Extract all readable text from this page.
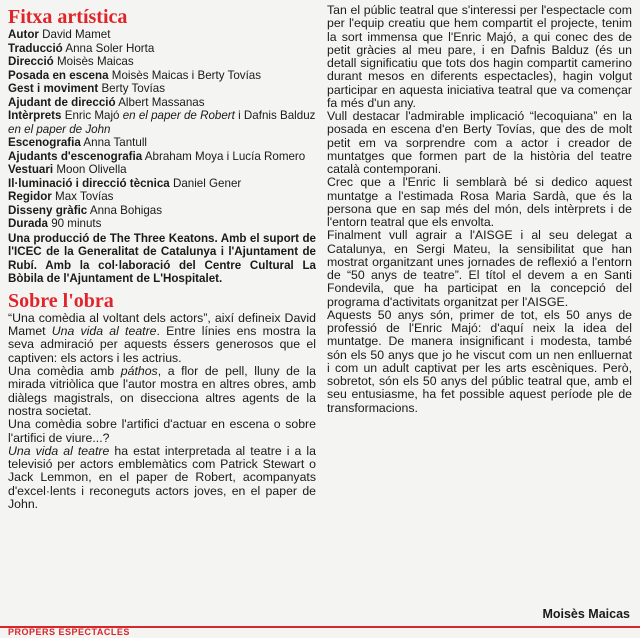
Fitxa artística
Autor David Mamet
Traducció Anna Soler Horta
Direcció Moisès Maicas
Posada en escena Moisès Maicas i Berty Tovías
Gest i moviment Berty Tovías
Ajudant de direcció Albert Massanas
Intèrprets Enric Majó en el paper de Robert i Dafnis Balduz en el paper de John
Escenografia Anna Tantull
Ajudants d'escenografia Abraham Moya i Lucía Romero
Vestuari Moon Olivella
Il·luminació i direcció tècnica Daniel Gener
Regidor Max Tovías
Disseny gràfic Anna Bohigas
Durada 90 minuts
Una producció de The Three Keatons. Amb el suport de l'ICEC de la Generalitat de Catalunya i l'Ajuntament de Rubí. Amb la col·laboració del Centre Cultural La Bòbila de l'Ajuntament de L'Hospitalet.
Sobre l'obra

“Una comèdia al voltant dels actors”, així defineix David Mamet Una vida al teatre. Entre línies ens mostra la seva admiració per aquests éssers generosos que el captiven: els actors i les actrius.

Una comèdia amb páthos, a flor de pell, lluny de la mirada vitriòlica que l'autor mostra en altres obres, amb diàlegs magistrals, on disecciona altres agents de la nostra societat.

Una comèdia sobre l'artifici d'actuar en escena o sobre l'artifici de viure...?

Una vida al teatre ha estat interpretada al teatre i a la televisió per actors emblemàtics com Patrick Stewart o Jack Lemmon, en el paper de Robert, acompanyats d'excel·lents i reconeguts actors joves, en el paper de John.

Tan el públic teatral que s'interessi per l'espectacle com per l'equip creatiu que hem compartit el projecte, tenim la sort immensa que l'Enric Majó, a qui conec des de petit gràcies al meu pare, i en Dafnis Balduz (és un detall significatiu que tots dos hagin compartit camerino durant mesos en diferents espectacles), hagin volgut participar en aquesta iniciativa teatral que va començar fa més d'un any.

Vull destacar l'admirable implicació “lecoquiana” en la posada en escena d'en Berty Tovías, que des de molt petit em va sorprendre com a actor i creador de muntatges que formen part de la història del teatre català contemporani.

Crec que a l'Enric li semblarà bé si dedico aquest muntatge a l'estimada Rosa Maria Sardà, que és la persona que en sap més del món, dels intèrprets i de l'entorn teatral que els envolta.

Finalment vull agrair a l'AISGE i al seu delegat a Catalunya, en Sergi Mateu, la sensibilitat que han mostrat organitzant unes jornades de reflexió a l'entorn de “50 anys de teatre”. El títol el devem a en Santi Fondevila, que ha participat en la concepció del programa d'activitats organitzat per l'AISGE.

Aquests 50 anys són, primer de tot, els 50 anys de professió de l'Enric Majó: d'aquí neix la idea del muntatge. De manera insignificant i modesta, també són els 50 anys que jo he viscut com un nen enlluernat i com un adult captivat per les arts escèniques. Però, sobretot, són els 50 anys del públic teatral que, amb el seu entusiasme, ha fet possible aquest període ple de transformacions.

Moisès Maicas
PROPERS ESPECTACLES
